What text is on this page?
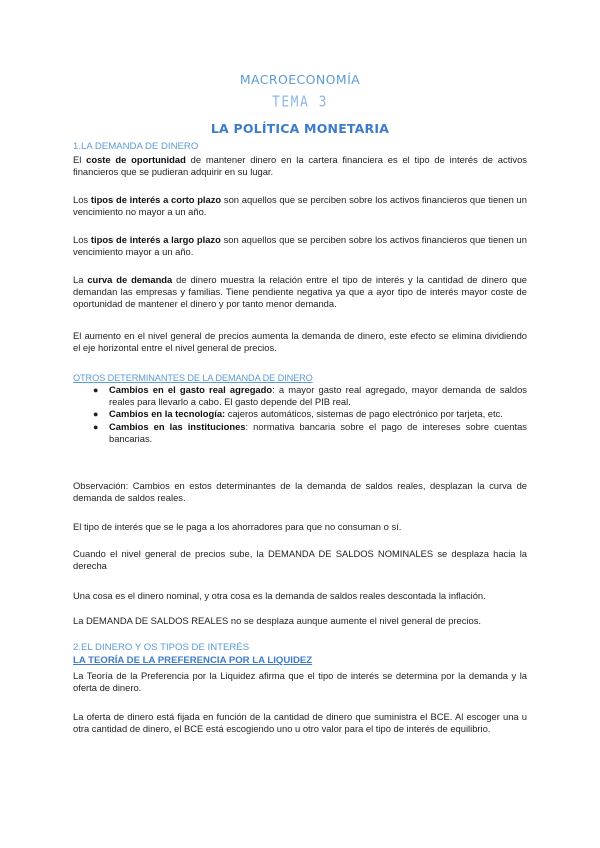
MACROECONOMÍA
TEMA 3
LA POLÍTICA MONETARIA
1.LA DEMANDA DE DINERO
El coste de oportunidad de mantener dinero en la cartera financiera es el tipo de interés de activos financieros que se pudieran adquirir en su lugar.
Los tipos de interés a corto plazo son aquellos que se perciben sobre los activos financieros que tienen un vencimiento no mayor a un año.
Los tipos de interés a largo plazo son aquellos que se perciben sobre los activos financieros que tienen un vencimiento mayor a un año.
La curva de demanda de dinero muestra la relación entre el tipo de interés y la cantidad de dinero que demandan las empresas y familias. Tiene pendiente negativa ya que a ayor tipo de interés mayor coste de oportunidad de mantener el dinero y por tanto menor demanda.
El aumento en el nivel general de precios aumenta la demanda de dinero, este efecto se elimina dividiendo el eje horizontal entre el nivel general de precios.
OTROS DETERMINANTES DE LA DEMANDA DE DINERO
● Cambios en el gasto real agregado: a mayor gasto real agregado, mayor demanda de saldos reales para llevarlo a cabo. El gasto depende del PIB real.
● Cambios en la tecnología: cajeros automáticos, sistemas de pago electrónico por tarjeta, etc.
● Cambios en las instituciones: normativa bancaria sobre el pago de intereses sobre cuentas bancarias.
Observación: Cambios en estos determinantes de la demanda de saldos reales, desplazan la curva de demanda de saldos reales.
El tipo de interés que se le paga a los ahorradores para que no consuman o sí.
Cuando el nivel general de precios sube, la DEMANDA DE SALDOS NOMINALES se desplaza hacia la derecha
Una cosa es el dinero nominal, y otra cosa es la demanda de saldos reales descontada la inflación.
La DEMANDA DE SALDOS REALES no se desplaza aunque aumente el nivel general de precios.
2.EL DINERO Y OS TIPOS DE INTERÉS
LA TEORÍA DE LA PREFERENCIA POR LA LIQUIDEZ
La Teoría de la Preferencia por la Liquidez afirma que el tipo de interés se determina por la demanda y la oferta de dinero.
La oferta de dinero está fijada en función de la cantidad de dinero que suministra el BCE. Al escoger una u otra cantidad de dinero, el BCE está escogiendo uno u otro valor para el tipo de interés de equilibrio.
